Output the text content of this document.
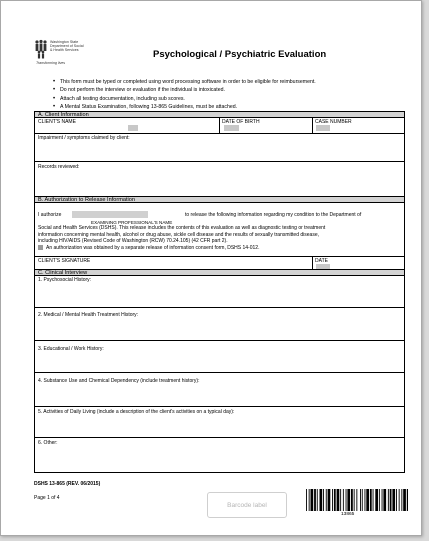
Washington State
Department of Social
& Health Services
Transforming lives
Psychological / Psychiatric Evaluation
• This form must be typed or completed using word processing software in order to be eligible for reimbursement.
• Do not perform the interview or evaluation if the individual is intoxicated.
• Attach all testing documentation, including sub scores.
• A Mental Status Examination, following 13-865 Guidelines, must be attached.
A. Client Information
CLIENT'S NAME	DATE OF BIRTH	CASE NUMBER
Impairment / symptoms claimed by client:
Records reviewed:
B. Authorization to Release Information
I authorize	to release the following information regarding my condition to the Department of
EXAMINING PROFESSIONAL'S NAME
Social and Health Services (DSHS). This release includes the contents of this evaluation as well as diagnostic testing or treatment
information concerning mental health, alcohol or drug abuse, sickle cell disease and the results of sexually transmitted disease,
including HIV/AIDS (Revised Code of Washington (RCW) 70.24.105) (42 CFR part 2).
An authorization was obtained by a separate release of information consent form, DSHS 14-012.
CLIENT'S SIGNATURE	DATE
C. Clinical Interview
1. Psychosocial History:
2. Medical / Mental Health Treatment History:
3. Educational / Work History:
4. Substance Use and Chemical Dependency (include treatment history):
5. Activities of Daily Living (include a description of the client's activities on a typical day):
6. Other:
DSHS 13-865 (REV. 06/2015)
Page 1 of 4
Barcode label
13865
